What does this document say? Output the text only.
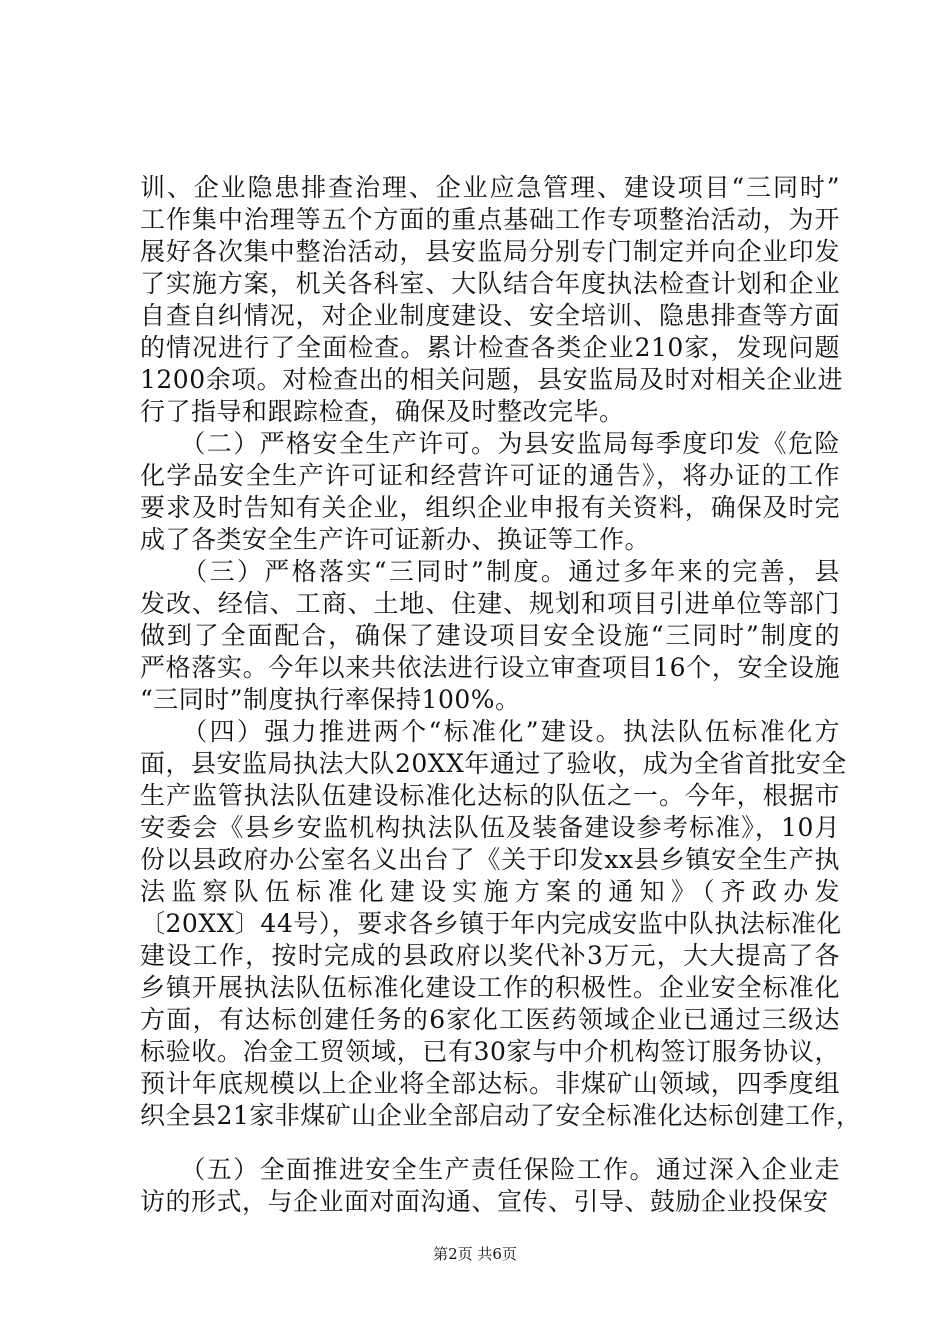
训、企业隐患排查治理、企业应急管理、建设项目“三同时”
工作集中治理等五个方面的重点基础工作专项整治活动，为开
展好各次集中整治活动，县安监局分别专门制定并向企业印发
了实施方案，机关各科室、大队结合年度执法检查计划和企业
自查自纠情况，对企业制度建设、安全培训、隐患排查等方面
的情况进行了全面检查。累计检查各类企业210家，发现问题
1200余项。对检查出的相关问题，县安监局及时对相关企业进
行了指导和跟踪检查，确保及时整改完毕。
　　（二）严格安全生产许可。为县安监局每季度印发《危险
化学品安全生产许可证和经营许可证的通告》，将办证的工作
要求及时告知有关企业，组织企业申报有关资料，确保及时完
成了各类安全生产许可证新办、换证等工作。
　　（三）严格落实“三同时”制度。通过多年来的完善，县
发改、经信、工商、土地、住建、规划和项目引进单位等部门
做到了全面配合，确保了建设项目安全设施“三同时”制度的
严格落实。今年以来共依法进行设立审查项目16个，安全设施
“三同时”制度执行率保持100%。
　　（四）强力推进两个“标准化”建设。执法队伍标准化方
面，县安监局执法大队20XX年通过了验收，成为全省首批安全
生产监管执法队伍建设标准化达标的队伍之一。今年，根据市
安委会《县乡安监机构执法队伍及装备建设参考标准》，10月
份以县政府办公室名义出台了《关于印发xx县乡镇安全生产执
法监察队伍标准化建设实施方案的通知》（齐政办发
〔20XX〕44号），要求各乡镇于年内完成安监中队执法标准化
建设工作，按时完成的县政府以奖代补3万元，大大提高了各
乡镇开展执法队伍标准化建设工作的积极性。企业安全标准化
方面，有达标创建任务的6家化工医药领域企业已通过三级达
标验收。冶金工贸领域，已有30家与中介机构签订服务协议，
预计年底规模以上企业将全部达标。非煤矿山领域，四季度组
织全县21家非煤矿山企业全部启动了安全标准化达标创建工作，
　　（五）全面推进安全生产责任保险工作。通过深入企业走
访的形式，与企业面对面沟通、宣传、引导、鼓励企业投保安
第2页 共6页
